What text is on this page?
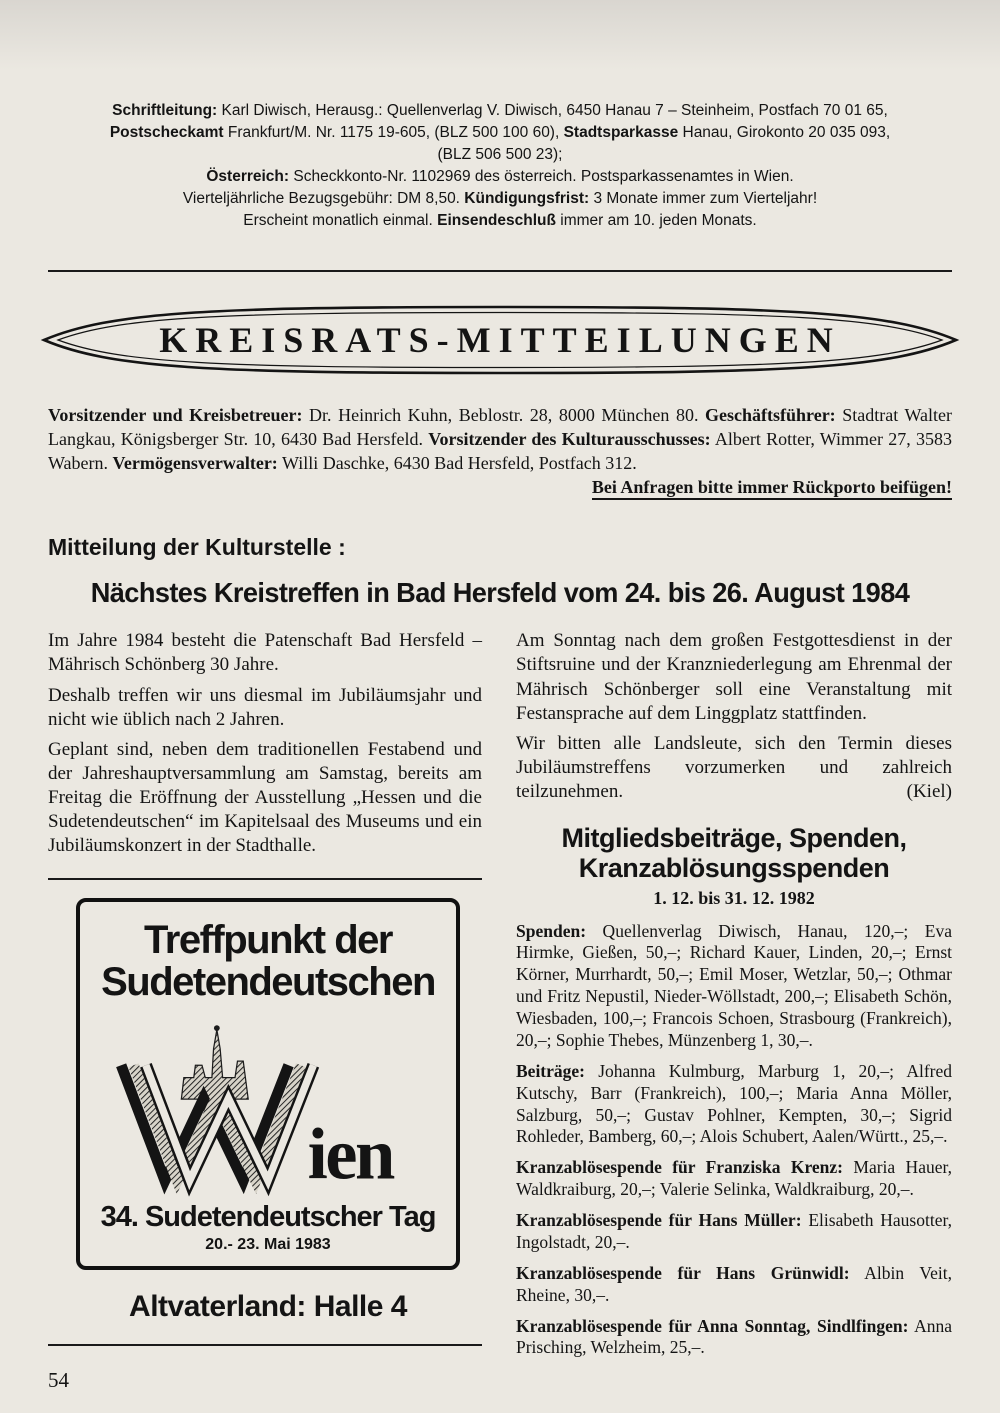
Schriftleitung: Karl Diwisch, Herausg.: Quellenverlag V. Diwisch, 6450 Hanau 7 – Steinheim, Postfach 70 01 65,
Postscheckamt Frankfurt/M. Nr. 1175 19-605, (BLZ 500 100 60), Stadtsparkasse Hanau, Girokonto 20 035 093,
(BLZ 506 500 23);
Österreich: Scheckkonto-Nr. 1102969 des österreich. Postsparkassenamtes in Wien.
Vierteljährliche Bezugsgebühr: DM 8,50. Kündigungsfrist: 3 Monate immer zum Vierteljahr!
Erscheint monatlich einmal. Einsendeschluß immer am 10. jeden Monats.
KREISRATS-MITTEILUNGEN

Vorsitzender und Kreisbetreuer: Dr. Heinrich Kuhn, Beblostr. 28, 8000 München 80. Geschäftsführer: Stadtrat Walter Langkau, Königsberger Str. 10, 6430 Bad Hersfeld. Vorsitzender des Kulturausschusses: Albert Rotter, Wimmer 27, 3583 Wabern. Vermögensverwalter: Willi Daschke, 6430 Bad Hersfeld, Postfach 312.

Bei Anfragen bitte immer Rückporto beifügen!
Mitteilung der Kulturstelle :
Nächstes Kreistreffen in Bad Hersfeld vom 24. bis 26. August 1984

Im Jahre 1984 besteht die Patenschaft Bad Hersfeld – Mährisch Schönberg 30 Jahre.

Deshalb treffen wir uns diesmal im Jubiläumsjahr und nicht wie üblich nach 2 Jahren.

Geplant sind, neben dem traditionellen Festabend und der Jahreshauptversammlung am Samstag, bereits am Freitag die Eröffnung der Ausstellung „Hessen und die Sudetendeutschen“ im Kapitelsaal des Museums und ein Jubiläumskonzert in der Stadthalle.

Treffpunkt der
Sudetendeutschen
ien
34. Sudetendeutscher Tag
20.- 23. Mai 1983
Altvaterland: Halle 4
54

Am Sonntag nach dem großen Festgottesdienst in der Stiftsruine und der Kranzniederlegung am Ehrenmal der Mährisch Schönberger soll eine Veranstaltung mit Festansprache auf dem Linggplatz stattfinden.

Wir bitten alle Landsleute, sich den Termin dieses Jubiläumstreffens vorzumerken und zahlreich teilzunehmen.	(Kiel)

Mitgliedsbeiträge, Spenden,
Kranzablösungsspenden
1. 12. bis 31. 12. 1982

Spenden: Quellenverlag Diwisch, Hanau, 120,–; Eva Hirmke, Gießen, 50,–; Richard Kauer, Linden, 20,–; Ernst Körner, Murrhardt, 50,–; Emil Moser, Wetzlar, 50,–; Othmar und Fritz Nepustil, Nieder-Wöllstadt, 200,–; Elisabeth Schön, Wiesbaden, 100,–; Francois Schoen, Strasbourg (Frankreich), 20,–; Sophie Thebes, Münzenberg 1, 30,–.

Beiträge: Johanna Kulmburg, Marburg 1, 20,–; Alfred Kutschy, Barr (Frankreich), 100,–; Maria Anna Möller, Salzburg, 50,–; Gustav Pohlner, Kempten, 30,–; Sigrid Rohleder, Bamberg, 60,–; Alois Schubert, Aalen/Württ., 25,–.

Kranzablösespende für Franziska Krenz: Maria Hauer, Waldkraiburg, 20,–; Valerie Selinka, Waldkraiburg, 20,–.

Kranzablösespende für Hans Müller: Elisabeth Hausotter, Ingolstadt, 20,–.

Kranzablösespende für Hans Grünwidl: Albin Veit, Rheine, 30,–.

Kranzablösespende für Anna Sonntag, Sindlfingen: Anna Prisching, Welzheim, 25,–.
